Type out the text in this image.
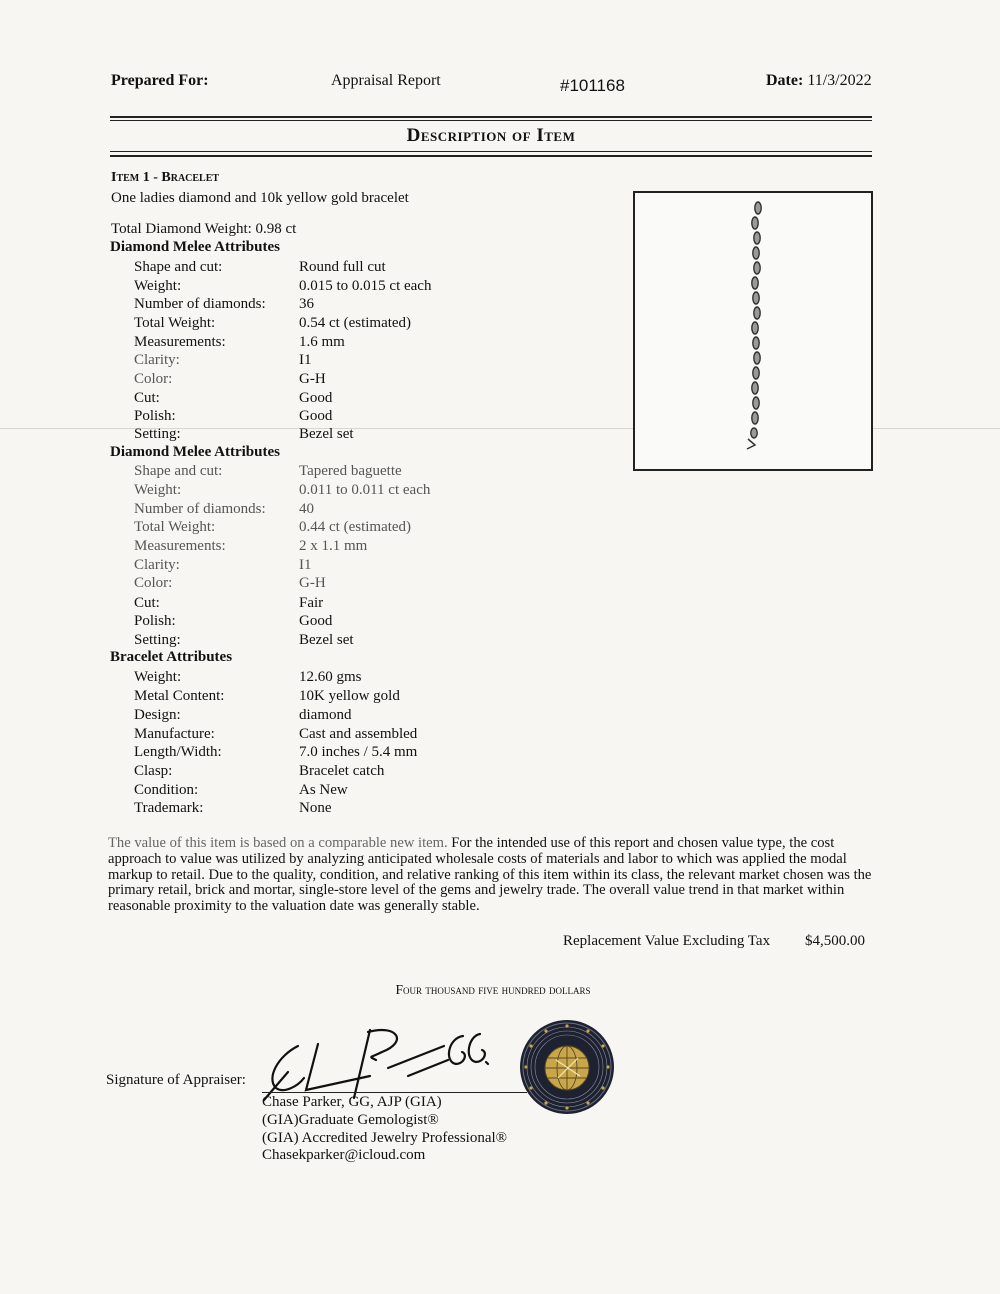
Prepared For:	Appraisal Report	#101168	Date: 11/3/2022
Description of Item
Item 1 - Bracelet
One ladies diamond and 10k yellow gold bracelet
Total Diamond Weight: 0.98 ct
Diamond Melee Attributes
Shape and cut:	Round full cut
Weight:	0.015 to 0.015 ct each
Number of diamonds: 36
Total Weight:	0.54 ct (estimated)
Measurements:	1.6 mm
Clarity:	I1
Color:	G-H
Cut:	Good
Polish:	Good
Setting:	Bezel set
Diamond Melee Attributes
Shape and cut:	Tapered baguette
Weight:	0.011 to 0.011 ct each
Number of diamonds: 40
Total Weight:	0.44 ct (estimated)
Measurements:	2 x 1.1 mm
Clarity:	I1
Color:	G-H
Cut:	Fair
Polish:	Good
Setting:	Bezel set
Bracelet Attributes
Weight:	12.60 gms
Metal Content:	10K yellow gold
Design:	diamond
Manufacture:	Cast and assembled
Length/Width:	7.0 inches / 5.4 mm
Clasp:	Bracelet catch
Condition:	As New
Trademark:	None
The value of this item is based on a comparable new item. For the intended use of this report and chosen value type, the cost approach to value was utilized by analyzing anticipated wholesale costs of materials and labor to which was applied the modal markup to retail. Due to the quality, condition, and relative ranking of this item within its class, the relevant market chosen was the primary retail, brick and mortar, single-store level of the gems and jewelry trade. The overall value trend in that market within reasonable proximity to the valuation date was generally stable.
Replacement Value Excluding Tax $4,500.00
Four thousand five hundred dollars
Signature of Appraiser:
Chase Parker, GG, AJP (GIA)
(GIA)Graduate Gemologist®
(GIA) Accredited Jewelry Professional®
Chasekparker@icloud.com
